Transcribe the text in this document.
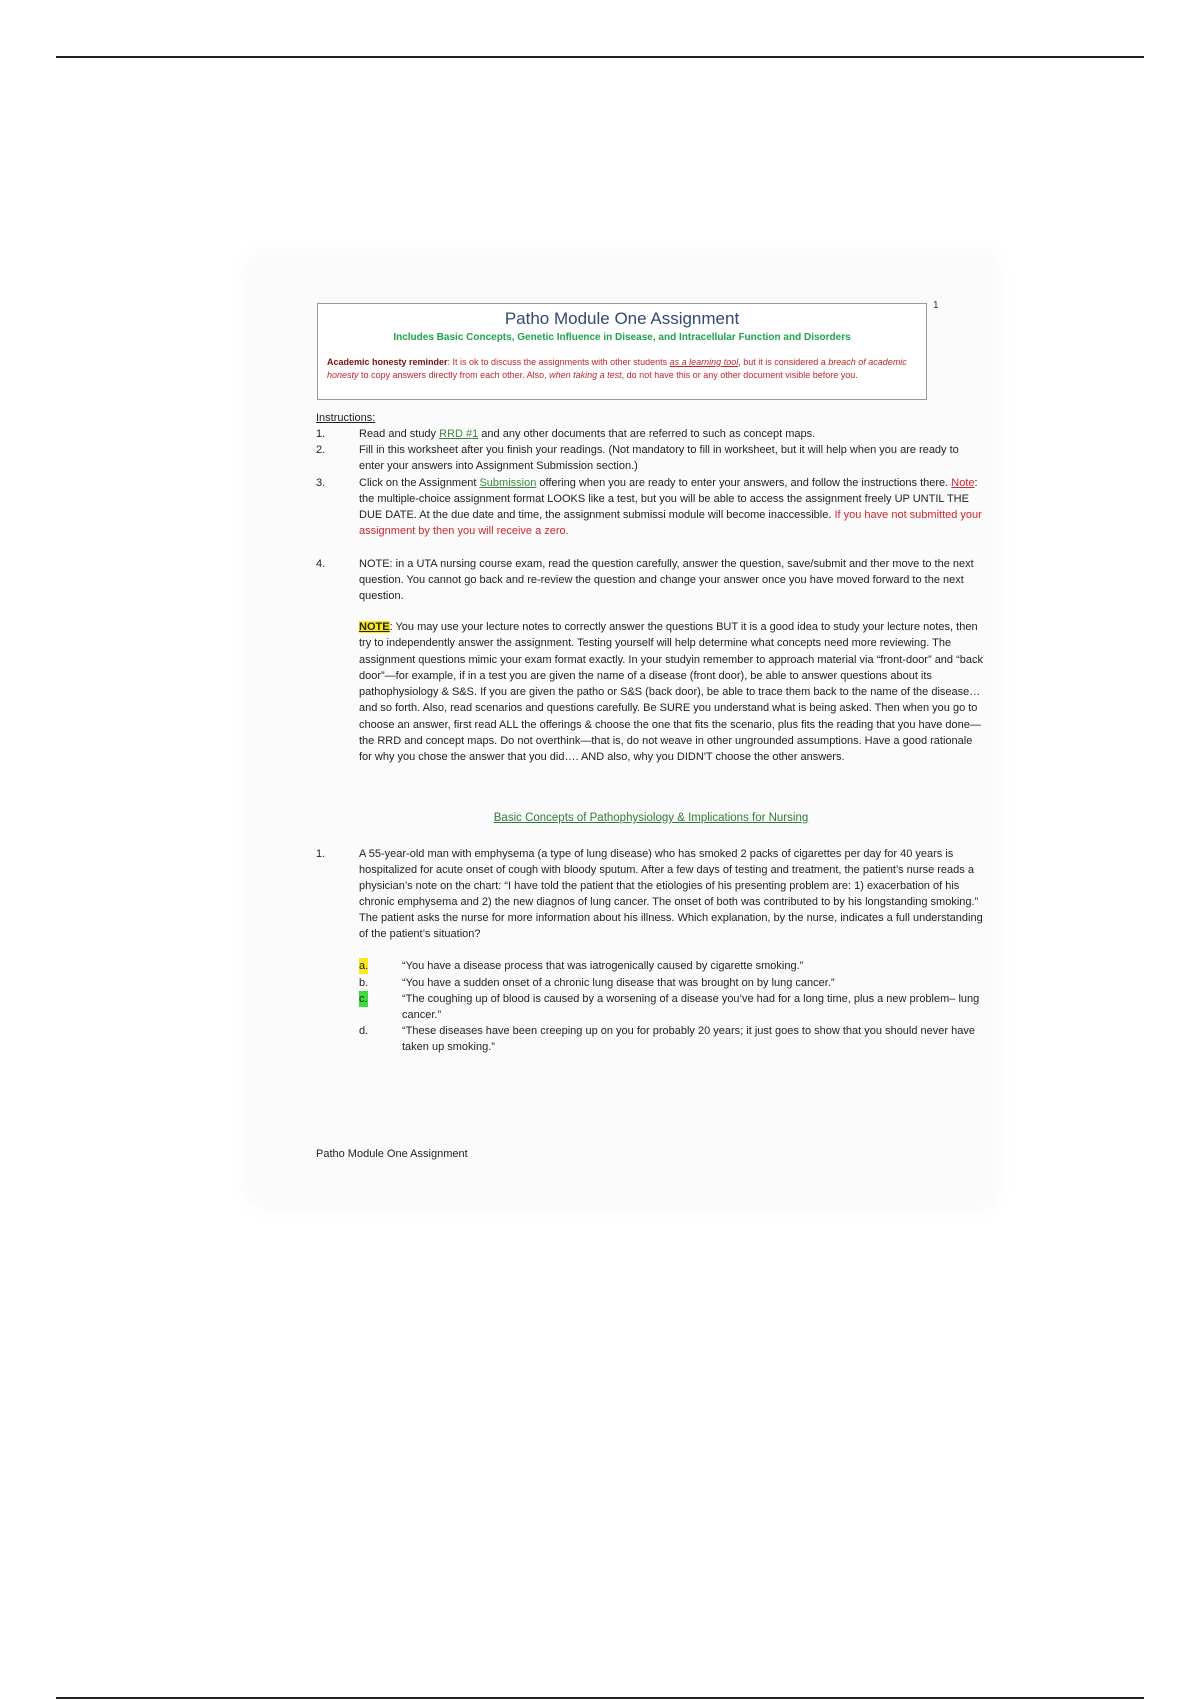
1
Patho Module One Assignment
Includes Basic Concepts, Genetic Influence in Disease, and Intracellular Function and Disorders
Academic honesty reminder: It is ok to discuss the assignments with other students as a learning tool, but it is considered a breach of academic honesty to copy answers directly from each other. Also, when taking a test, do not have this or any other document visible before you.
Instructions:
1.	Read and study RRD #1 and any other documents that are referred to such as concept maps.
2.	Fill in this worksheet after you finish your readings. (Not mandatory to fill in worksheet, but it will help when you are ready to enter your answers into Assignment Submission section.)
3.	Click on the Assignment Submission offering when you are ready to enter your answers, and follow the instructions there. Note: the multiple-choice assignment format LOOKS like a test, but you will be able to access the assignment freely UP UNTIL THE DUE DATE. At the due date and time, the assignment submissi module will become inaccessible. If you have not submitted your assignment by then you will receive a zero.
4.	NOTE: in a UTA nursing course exam, read the question carefully, answer the question, save/submit and ther move to the next question. You cannot go back and re-review the question and change your answer once you have moved forward to the next question.
NOTE: You may use your lecture notes to correctly answer the questions BUT it is a good idea to study your lecture notes, then try to independently answer the assignment. Testing yourself will help determine what concepts need more reviewing. The assignment questions mimic your exam format exactly. In your studyin remember to approach material via “front-door” and “back door”—for example, if in a test you are given the name of a disease (front door), be able to answer questions about its pathophysiology & S&S. If you are given the patho or S&S (back door), be able to trace them back to the name of the disease…and so forth. Also, read scenarios and questions carefully. Be SURE you understand what is being asked. Then when you go to choose an answer, first read ALL the offerings & choose the one that fits the scenario, plus fits the reading that you have done—the RRD and concept maps. Do not overthink—that is, do not weave in other ungrounded assumptions. Have a good rationale for why you chose the answer that you did…. AND also, why you DIDN'T choose the other answers.
Basic Concepts of Pathophysiology & Implications for Nursing
1.	A 55-year-old man with emphysema (a type of lung disease) who has smoked 2 packs of cigarettes per day for 40 years is hospitalized for acute onset of cough with bloody sputum. After a few days of testing and treatment, the patient’s nurse reads a physician’s note on the chart: “I have told the patient that the etiologies of his presenting problem are: 1) exacerbation of his chronic emphysema and 2) the new diagnos of lung cancer. The onset of both was contributed to by his longstanding smoking.” The patient asks the nurse for more information about his illness. Which explanation, by the nurse, indicates a full understanding of the patient’s situation?
a.	“You have a disease process that was iatrogenically caused by cigarette smoking.”
b.	“You have a sudden onset of a chronic lung disease that was brought on by lung cancer.”
c.	“The coughing up of blood is caused by a worsening of a disease you’ve had for a long time, plus a new problem– lung cancer.”
d.	“These diseases have been creeping up on you for probably 20 years; it just goes to show that you should never have taken up smoking.”
Patho Module One Assignment
